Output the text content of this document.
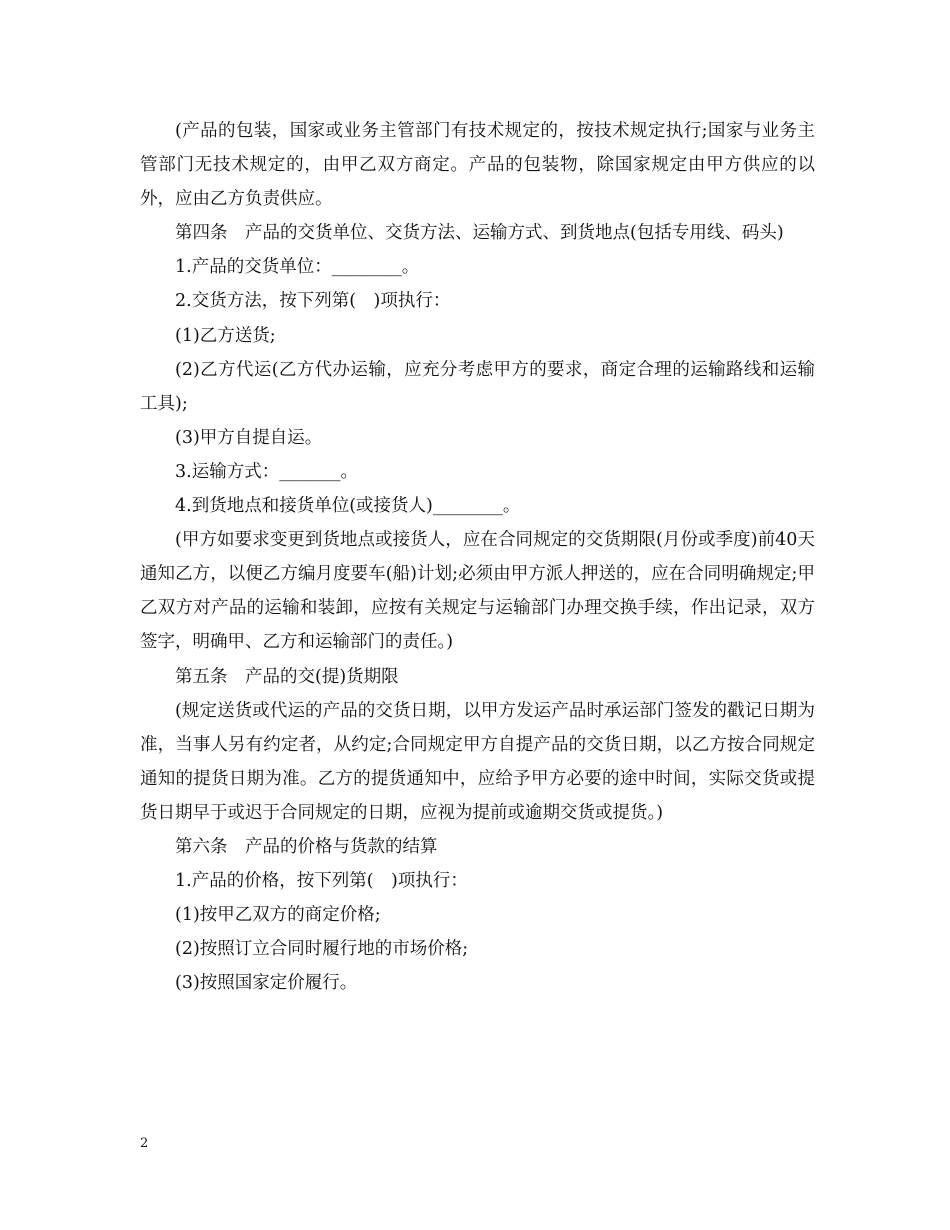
(产品的包装，国家或业务主管部门有技术规定的，按技术规定执行;国家与业务主管部门无技术规定的，由甲乙双方商定。产品的包装物，除国家规定由甲方供应的以外，应由乙方负责供应。

第四条　产品的交货单位、交货方法、运输方式、到货地点(包括专用线、码头)

1.产品的交货单位：________。

2.交货方法，按下列第(　)项执行：

(1)乙方送货;

(2)乙方代运(乙方代办运输，应充分考虑甲方的要求，商定合理的运输路线和运输工具);

(3)甲方自提自运。

3.运输方式：_______。

4.到货地点和接货单位(或接货人)________。

(甲方如要求变更到货地点或接货人，应在合同规定的交货期限(月份或季度)前40天通知乙方，以便乙方编月度要车(船)计划;必须由甲方派人押送的，应在合同明确规定;甲乙双方对产品的运输和装卸，应按有关规定与运输部门办理交换手续，作出记录，双方签字，明确甲、乙方和运输部门的责任。)

第五条　产品的交(提)货期限

(规定送货或代运的产品的交货日期，以甲方发运产品时承运部门签发的戳记日期为准，当事人另有约定者，从约定;合同规定甲方自提产品的交货日期，以乙方按合同规定通知的提货日期为准。乙方的提货通知中，应给予甲方必要的途中时间，实际交货或提货日期早于或迟于合同规定的日期，应视为提前或逾期交货或提货。)

第六条　产品的价格与货款的结算

1.产品的价格，按下列第(　)项执行：

(1)按甲乙双方的商定价格;

(2)按照订立合同时履行地的市场价格;

(3)按照国家定价履行。

2
